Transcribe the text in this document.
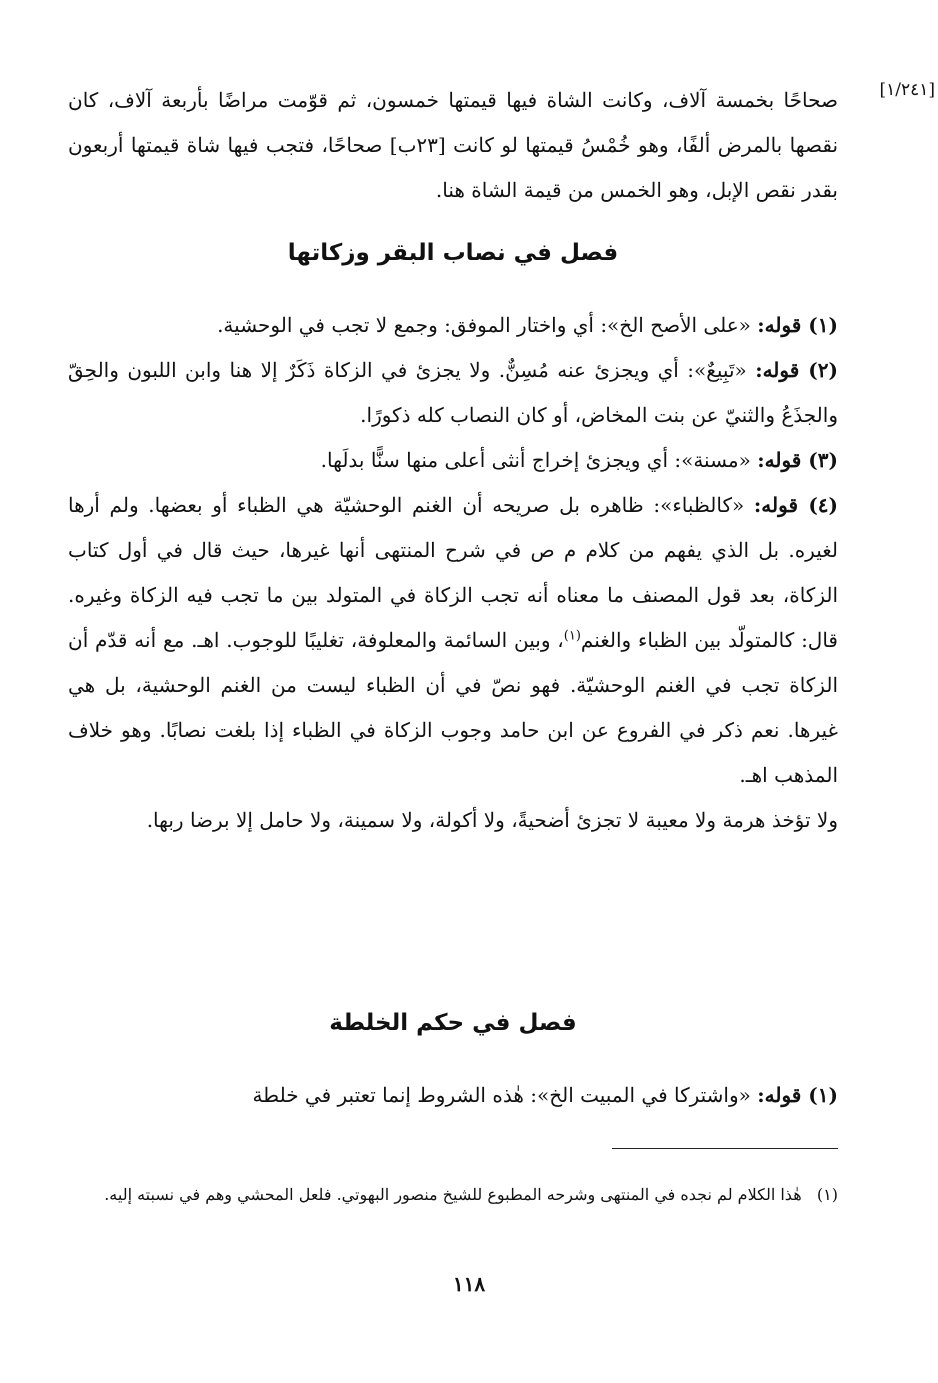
[١/٢٤١]

صحاحًا بخمسة آلاف، وكانت الشاة فيها قيمتها خمسون، ثم قوّمت مراضًا بأربعة آلاف، كان نقصها بالمرض ألفًا، وهو خُمْسُ قيمتها لو كانت [٢٣ب] صحاحًا، فتجب فيها شاة قيمتها أربعون بقدر نقص الإبل، وهو الخمس من قيمة الشاة هنا.

فصل في نصاب البقر وزكاتها

(١) قوله: «على الأصح الخ»: أي واختار الموفق: وجمع لا تجب في الوحشية.

(٢) قوله: «تَبِيعٌ»: أي ويجزئ عنه مُسِنٌّ. ولا يجزئ في الزكاة ذَكَرٌ إلا هنا وابن اللبون والحِقّ والجذَعُ والثنيّ عن بنت المخاض، أو كان النصاب كله ذكورًا.

(٣) قوله: «مسنة»: أي ويجزئ إخراج أنثى أعلى منها سنًّا بدلَها.

(٤) قوله: «كالظباء»: ظاهره بل صريحه أن الغنم الوحشيّة هي الظباء أو بعضها. ولم أرها لغيره. بل الذي يفهم من كلام م ص في شرح المنتهى أنها غيرها، حيث قال في أول كتاب الزكاة، بعد قول المصنف ما معناه أنه تجب الزكاة في المتولد بين ما تجب فيه الزكاة وغيره. قال: كالمتولّد بين الظباء والغنم$^{(١)}$، وبين السائمة والمعلوفة، تغليبًا للوجوب. اهـ. مع أنه قدّم أن الزكاة تجب في الغنم الوحشيّة. فهو نصّ في أن الظباء ليست من الغنم الوحشية، بل هي غيرها. نعم ذكر في الفروع عن ابن حامد وجوب الزكاة في الظباء إذا بلغت نصابًا. وهو خلاف المذهب اهـ.

ولا تؤخذ هرمة ولا معيبة لا تجزئ أضحيةً، ولا أكولة، ولا سمينة، ولا حامل إلا برضا ربها.

فصل في حكم الخلطة

(١) قوله: «واشتركا في المبيت الخ»: هٰذه الشروط إنما تعتبر في خلطة

(١)   هٰذا الكلام لم نجده في المنتهى وشرحه المطبوع للشيخ منصور البهوتي. فلعل المحشي وهم في نسبته إليه.
١١٨
